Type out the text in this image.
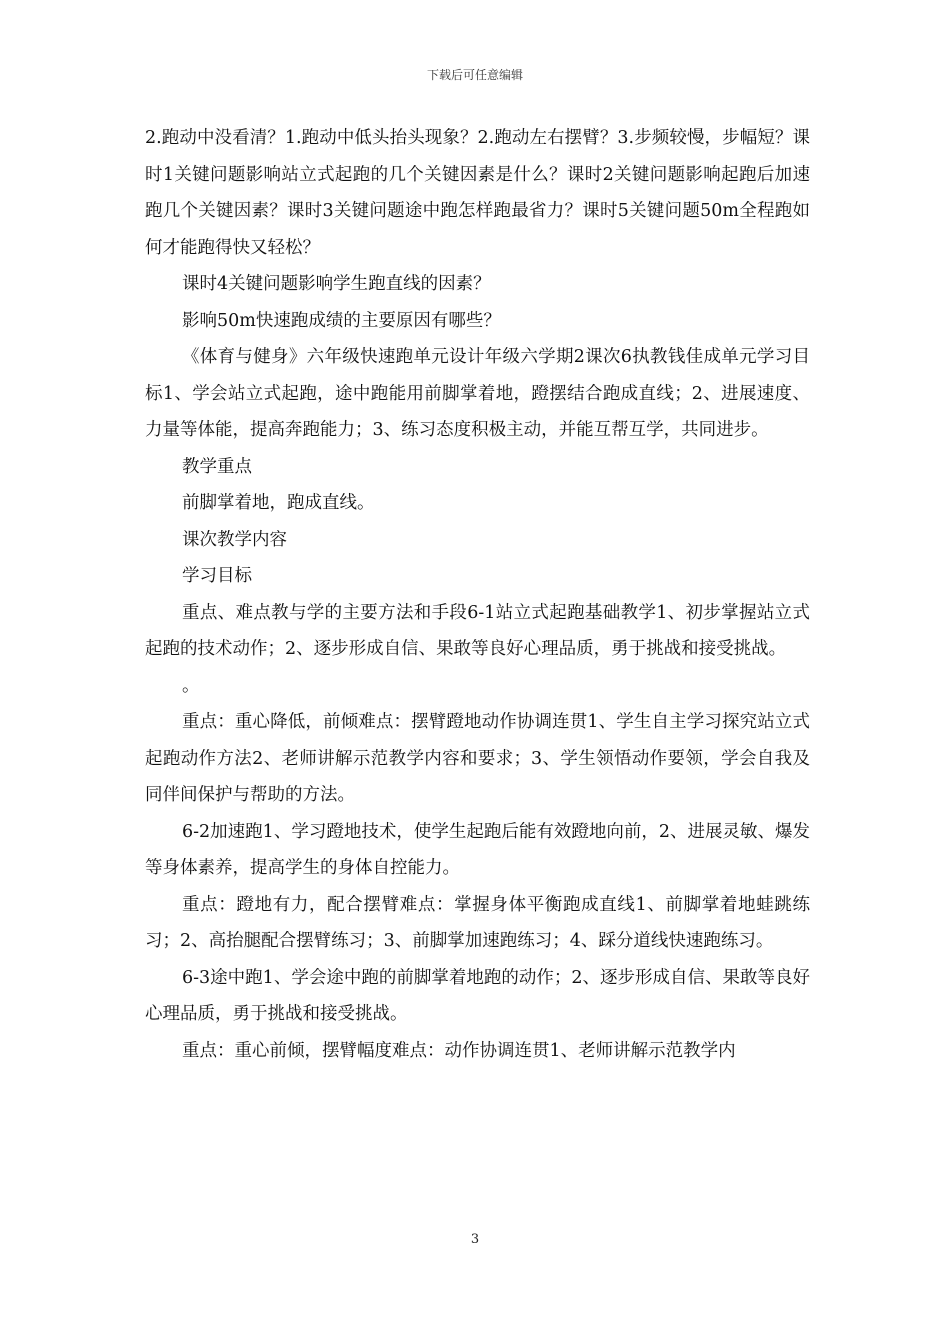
下载后可任意编辑

2.跑动中没看清？1.跑动中低头抬头现象？2.跑动左右摆臂？3.步频较慢，步幅短？课时1关键问题影响站立式起跑的几个关键因素是什么？课时2关键问题影响起跑后加速跑几个关键因素？课时3关键问题途中跑怎样跑最省力？课时5关键问题50m全程跑如何才能跑得快又轻松？

课时4关键问题影响学生跑直线的因素？

影响50m快速跑成绩的主要原因有哪些？

《体育与健身》六年级快速跑单元设计年级六学期2课次6执教钱佳成单元学习目标1、学会站立式起跑，途中跑能用前脚掌着地，蹬摆结合跑成直线；2、进展速度、力量等体能，提高奔跑能力；3、练习态度积极主动，并能互帮互学，共同进步。

教学重点

前脚掌着地，跑成直线。

课次教学内容

学习目标

重点、难点教与学的主要方法和手段6-1站立式起跑基础教学1、初步掌握站立式起跑的技术动作；2、逐步形成自信、果敢等良好心理品质，勇于挑战和接受挑战。

。

重点：重心降低，前倾难点：摆臂蹬地动作协调连贯1、学生自主学习探究站立式起跑动作方法2、老师讲解示范教学内容和要求；3、学生领悟动作要领，学会自我及同伴间保护与帮助的方法。

6-2加速跑1、学习蹬地技术，使学生起跑后能有效蹬地向前，2、进展灵敏、爆发等身体素养，提高学生的身体自控能力。

重点：蹬地有力，配合摆臂难点：掌握身体平衡跑成直线1、前脚掌着地蛙跳练习；2、高抬腿配合摆臂练习；3、前脚掌加速跑练习；4、踩分道线快速跑练习。

6-3途中跑1、学会途中跑的前脚掌着地跑的动作；2、逐步形成自信、果敢等良好心理品质，勇于挑战和接受挑战。

重点：重心前倾，摆臂幅度难点：动作协调连贯1、老师讲解示范教学内

3
